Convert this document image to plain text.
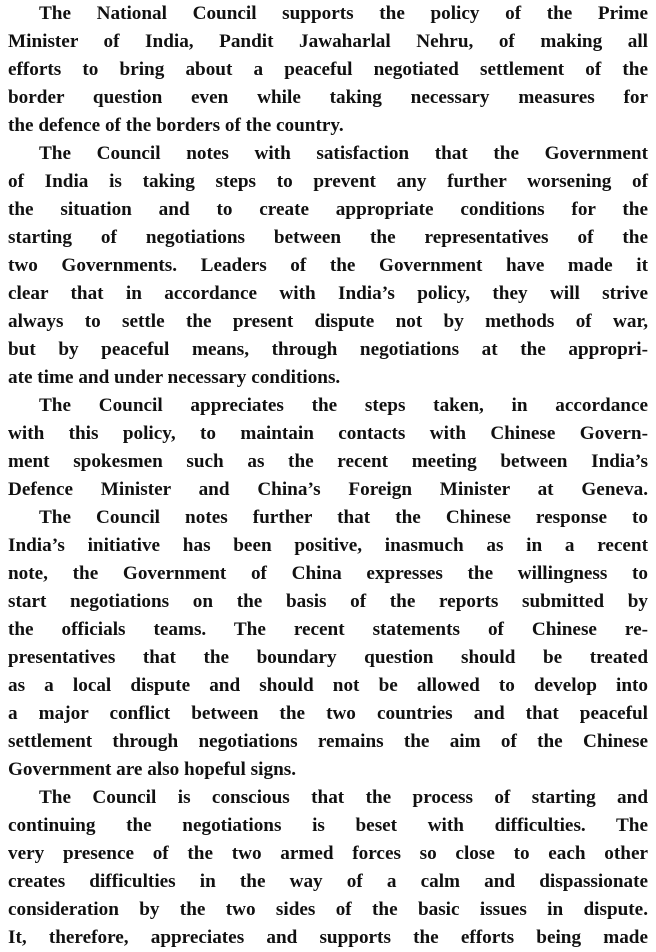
The National Council supports the policy of the Prime
Minister of India, Pandit Jawaharlal Nehru, of making all
efforts to bring about a peaceful negotiated settlement of the
border question even while taking necessary measures for
the defence of the borders of the country.
The Council notes with satisfaction that the Government
of India is taking steps to prevent any further worsening of
the situation and to create appropriate conditions for the
starting of negotiations between the representatives of the
two Governments. Leaders of the Government have made it
clear that in accordance with India’s policy, they will strive
always to settle the present dispute not by methods of war,
but by peaceful means, through negotiations at the appropri-
ate time and under necessary conditions.
The Council appreciates the steps taken, in accordance
with this policy, to maintain contacts with Chinese Govern-
ment spokesmen such as the recent meeting between India’s
Defence Minister and China’s Foreign Minister at Geneva.
The Council notes further that the Chinese response to
India’s initiative has been positive, inasmuch as in a recent
note, the Government of China expresses the willingness to
start negotiations on the basis of the reports submitted by
the officials teams. The recent statements of Chinese re-
presentatives that the boundary question should be treated
as a local dispute and should not be allowed to develop into
a major conflict between the two countries and that peaceful
settlement through negotiations remains the aim of the Chinese
Government are also hopeful signs.
The Council is conscious that the process of starting and
continuing the negotiations is beset with difficulties. The
very presence of the two armed forces so close to each other
creates difficulties in the way of a calm and dispassionate
consideration by the two sides of the basic issues in dispute.
It, therefore, appreciates and supports the efforts being made
